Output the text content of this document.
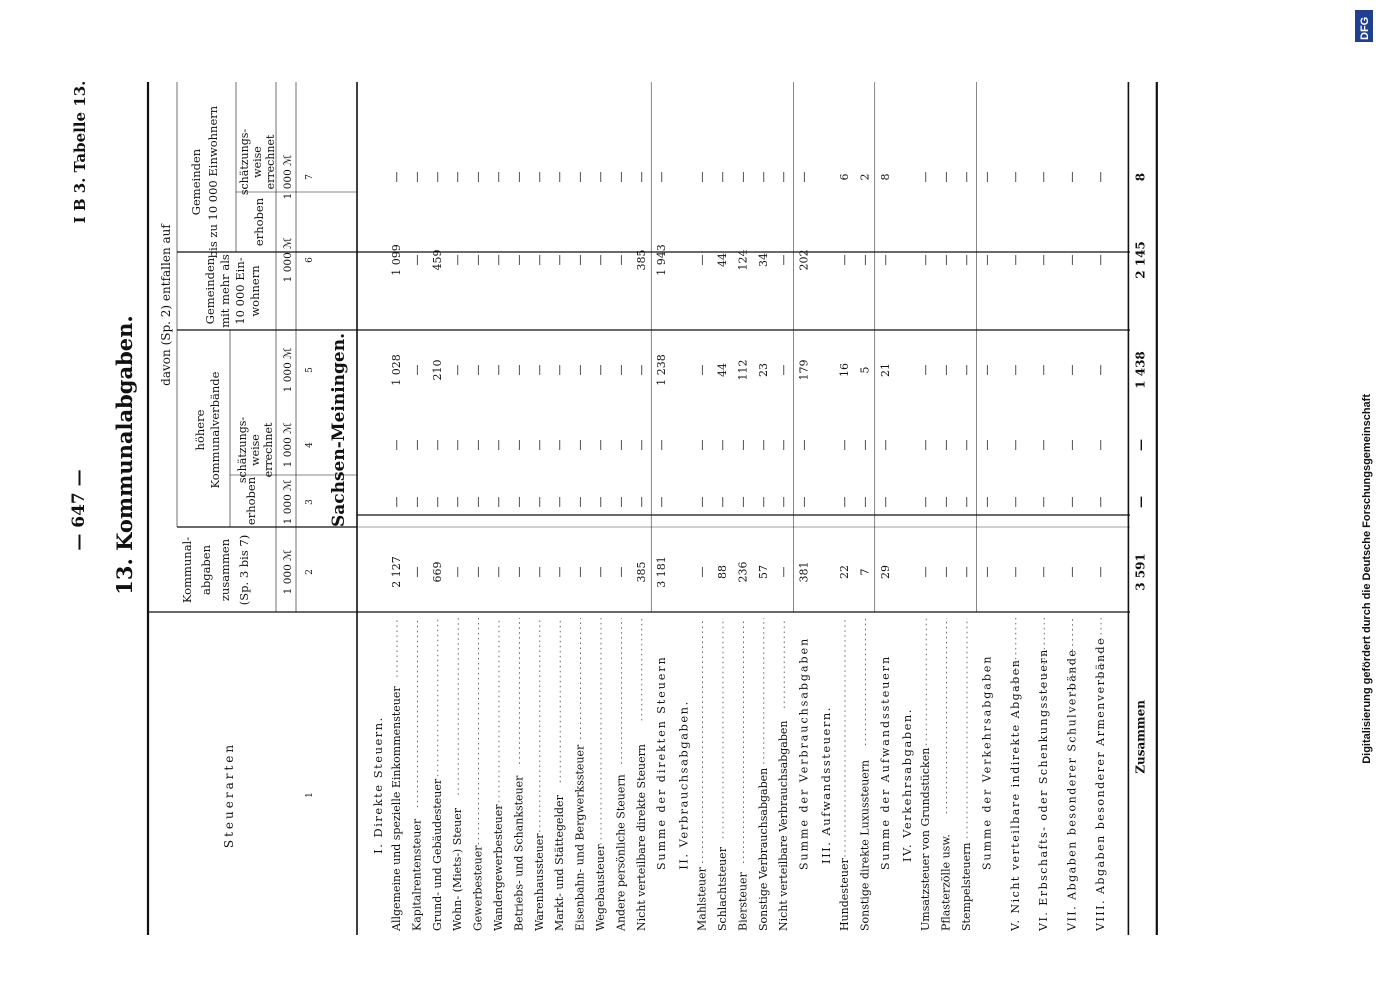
— 647 —
I B 3. Tabelle 13.
13. Kommunalabgaben.
Steuerarten
Kommunal- abgaben zusammen (Sp. 3 bis 7)
davon (Sp. 2) entfallen auf
höhere Kommunalverbände
Gemeinden mit mehr als 10 000 Ein- wohnern
Gemeinden bis zu 10 000 Einwohnern
erhoben
schätzungs- weise errechnet
erhoben
schätzungs- weise errechnet
1 000 ℳ
1 000 ℳ
1 000 ℳ
1 000 ℳ
1 000 ℳ
1 000 ℳ
1
2
3
4
5
6
7
Sachsen-Meiningen.
I. Direkte Steuern. Allgemeine und spezielle Einkommensteuer
2 127
—
—
1 028
1 099
—
Kapitalrentensteuer
—
—
—
—
—
—
Grund- und Gebäudesteuer
669
—
—
210
459
—
Wohn- (Miets-) Steuer
—
—
—
—
—
—
Gewerbesteuer
—
—
—
—
—
—
Wandergewerbesteuer
—
—
—
—
—
—
Betriebs- und Schanksteuer
—
—
—
—
—
—
Warenhaussteuer
—
—
—
—
—
—
Markt- und Stättegelder
—
—
—
—
—
—
Eisenbahn- und Bergwerkssteuer
—
—
—
—
—
—
Wegebausteuer
—
—
—
—
—
—
Andere persönliche Steuern
—
—
—
—
—
—
Nicht verteilbare direkte Steuern
385
—
—
—
385
—
Summe der direkten Steuern
3 181
—
—
1 238
1 943
—
II. Verbrauchsabgaben.
Mahlsteuer
—
—
—
—
—
—
Schlachtsteuer
88
—
—
44
44
—
Biersteuer
236
—
—
112
124
—
Sonstige Verbrauchsabgaben
57
—
—
23
34
—
Nicht verteilbare Verbrauchsabgaben
—
—
—
—
—
—
Summe der Verbrauchsabgaben
381
—
—
179
202
—
III. Aufwandssteuern.
Hundesteuer
22
—
—
16
—
6
Sonstige direkte Luxussteuern
7
—
—
5
—
2
Summe der Aufwandssteuern
29
—
—
21
—
8
IV. Verkehrsabgaben. Umsatzsteuer von Grundstücken
—
—
—
—
—
—
Pflasterzölle usw.
—
—
—
—
—
—
Stempelsteuern
—
—
—
—
—
—
Summe der Verkehrsabgaben
—
—
—
—
—
—
V. Nicht verteilbare indirekte Abgaben
—
—
—
—
—
—
VI. Erbschafts- oder Schenkungssteuern
—
—
—
—
—
—
VII. Abgaben besonderer Schulverbände
—
—
—
—
—
—
VIII. Abgaben besonderer Armenverbände
—
—
—
—
—
—
Zusammen
3 591
—
—
1 438
2 145
8
DFG
Digitalisierung gefördert durch die Deutsche Forschungsgemeinschaft
